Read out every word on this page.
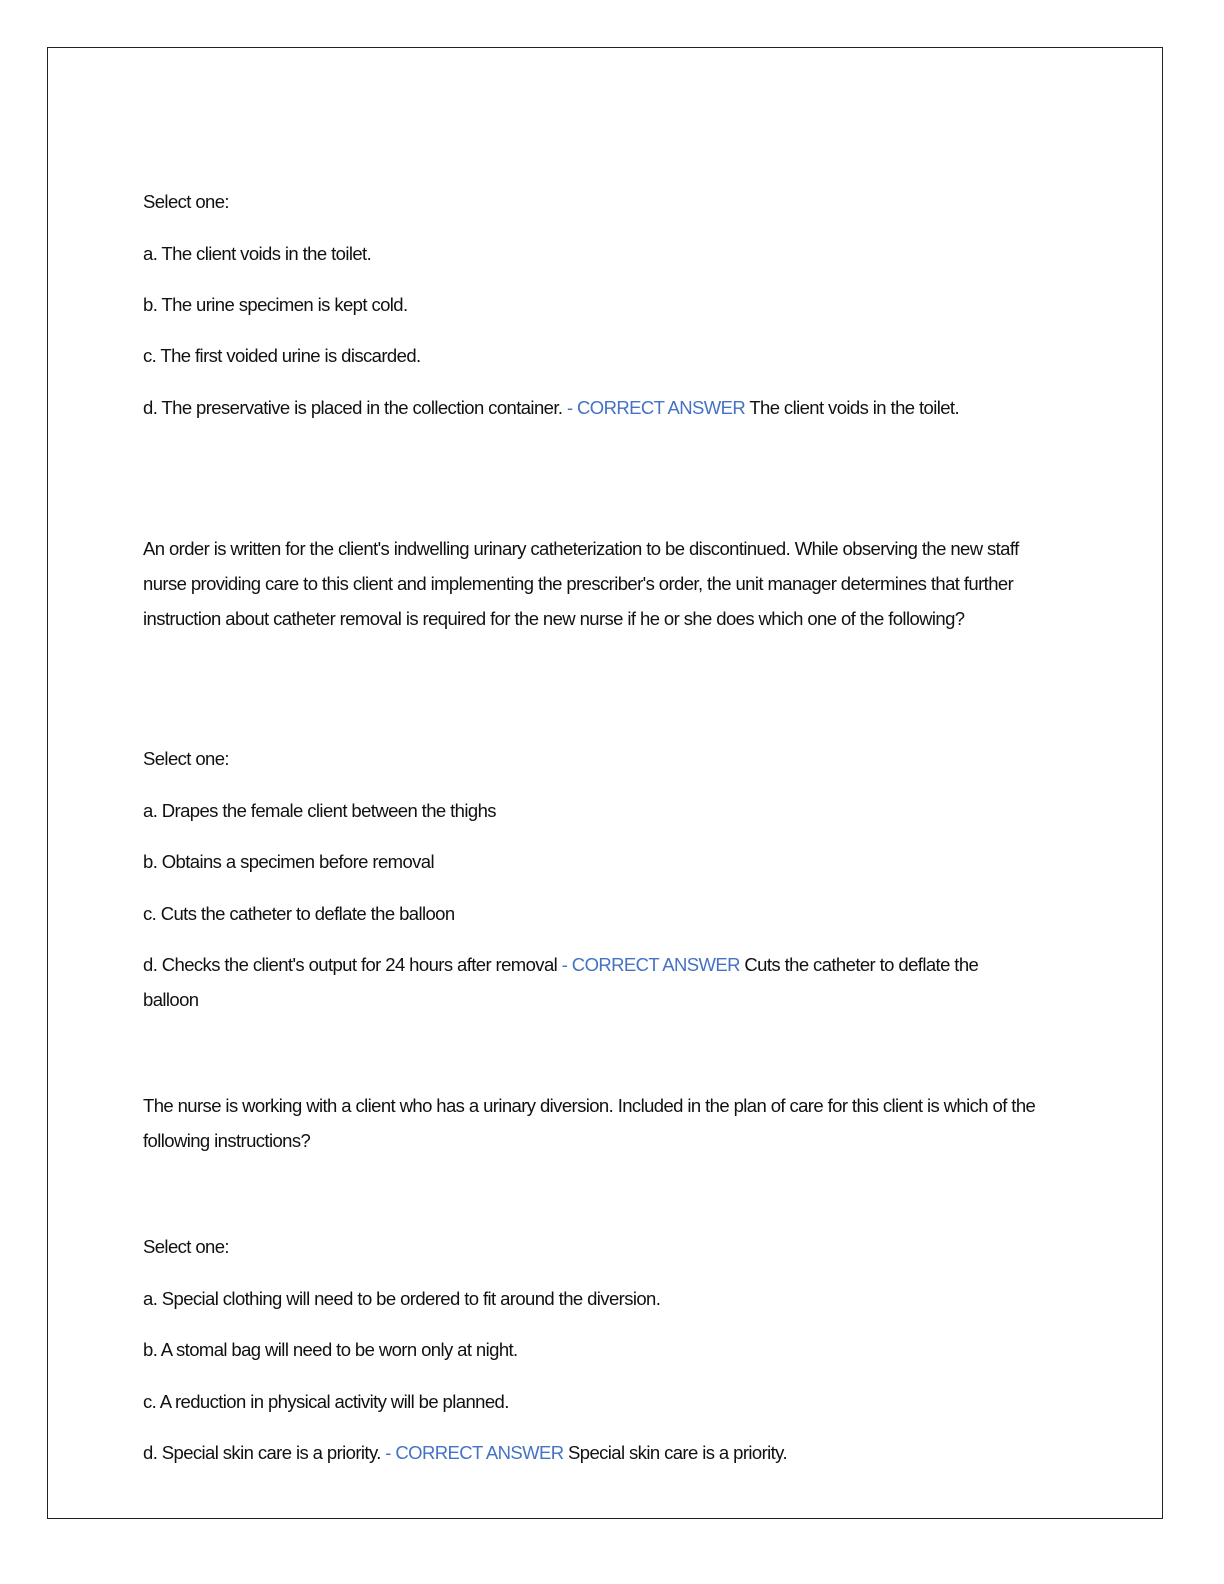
Select one:
a. The client voids in the toilet.
b. The urine specimen is kept cold.
c. The first voided urine is discarded.
d. The preservative is placed in the collection container. - CORRECT ANSWER The client voids in the toilet.
An order is written for the client's indwelling urinary catheterization to be discontinued. While observing the new staff nurse providing care to this client and implementing the prescriber's order, the unit manager determines that further instruction about catheter removal is required for the new nurse if he or she does which one of the following?
Select one:
a. Drapes the female client between the thighs
b. Obtains a specimen before removal
c. Cuts the catheter to deflate the balloon
d. Checks the client's output for 24 hours after removal - CORRECT ANSWER Cuts the catheter to deflate the balloon
The nurse is working with a client who has a urinary diversion. Included in the plan of care for this client is which of the following instructions?
Select one:
a. Special clothing will need to be ordered to fit around the diversion.
b. A stomal bag will need to be worn only at night.
c. A reduction in physical activity will be planned.
d. Special skin care is a priority. - CORRECT ANSWER Special skin care is a priority.
